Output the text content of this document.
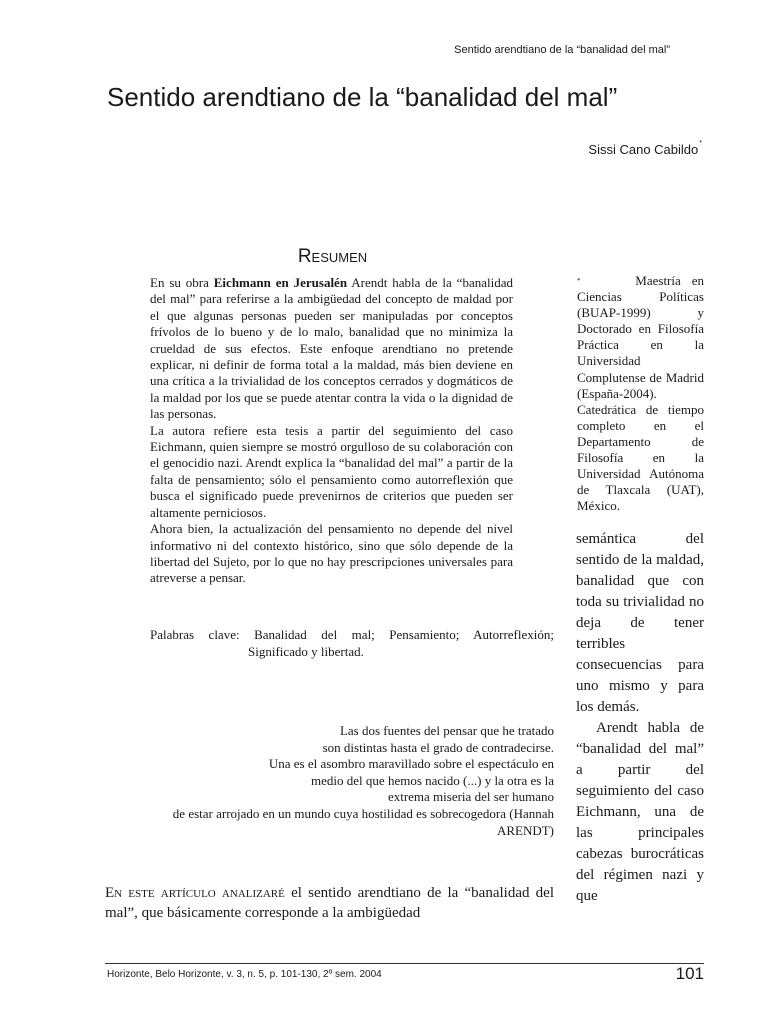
Sentido arendtiano de la “banalidad del mal”
Sentido arendtiano de la “banalidad del mal”
Sissi Cano Cabildo*
Resumen

En su obra Eichmann en Jerusalén Arendt habla de la “banalidad del mal” para referirse a la ambigüedad del concepto de maldad por el que algunas personas pueden ser manipuladas por conceptos frívolos de lo bueno y de lo malo, banalidad que no minimiza la crueldad de sus efectos. Este enfoque arendtiano no pretende explicar, ni definir de forma total a la maldad, más bien deviene en una crítica a la trivialidad de los conceptos cerrados y dogmáticos de la maldad por los que se puede atentar contra la vida o la dignidad de las personas.

La autora refiere esta tesis a partir del seguimiento del caso Eichmann, quien siempre se mostró orgulloso de su colaboración con el genocidio nazi. Arendt explica la “banalidad del mal” a partir de la falta de pensamiento; sólo el pensamiento como autorreflexión que busca el significado puede prevenirnos de criterios que pueden ser altamente perniciosos.

Ahora bien, la actualización del pensamiento no depende del nivel informativo ni del contexto histórico, sino que sólo depende de la libertad del Sujeto, por lo que no hay prescripciones universales para atreverse a pensar.

Palabras clave: Banalidad del mal; Pensamiento; Autorreflexión;
Significado y libertad.
Las dos fuentes del pensar que he tratado
son distintas hasta el grado de contradecirse.
Una es el asombro maravillado sobre el espectáculo en
medio del que hemos nacido (...) y la otra es la
extrema miseria del ser humano
de estar arrojado en un mundo cuya hostilidad es sobrecogedora (Hannah
ARENDT)
En este artículo analizaré el sentido arendtiano de la “banalidad del mal”, que básicamente corresponde a la ambigüedad
*	Maestría en Ciencias Políticas (BUAP-1999) y Doctorado en Filosofía Práctica en la Universidad Complutense de Madrid (España-2004). Catedrática de tiempo completo en el Departamento de Filosofía en la Universidad Autónoma de Tlaxcala (UAT), México.

semántica del sentido de la maldad, banalidad que con toda su trivialidad no deja de tener terribles consecuencias para uno mismo y para los demás.

Arendt habla de “banalidad del mal” a partir del seguimiento del caso Eichmann, una de las principales cabezas burocráticas del régimen nazi y que

Horizonte, Belo Horizonte, v. 3, n. 5, p. 101-130, 2º sem. 2004	101
